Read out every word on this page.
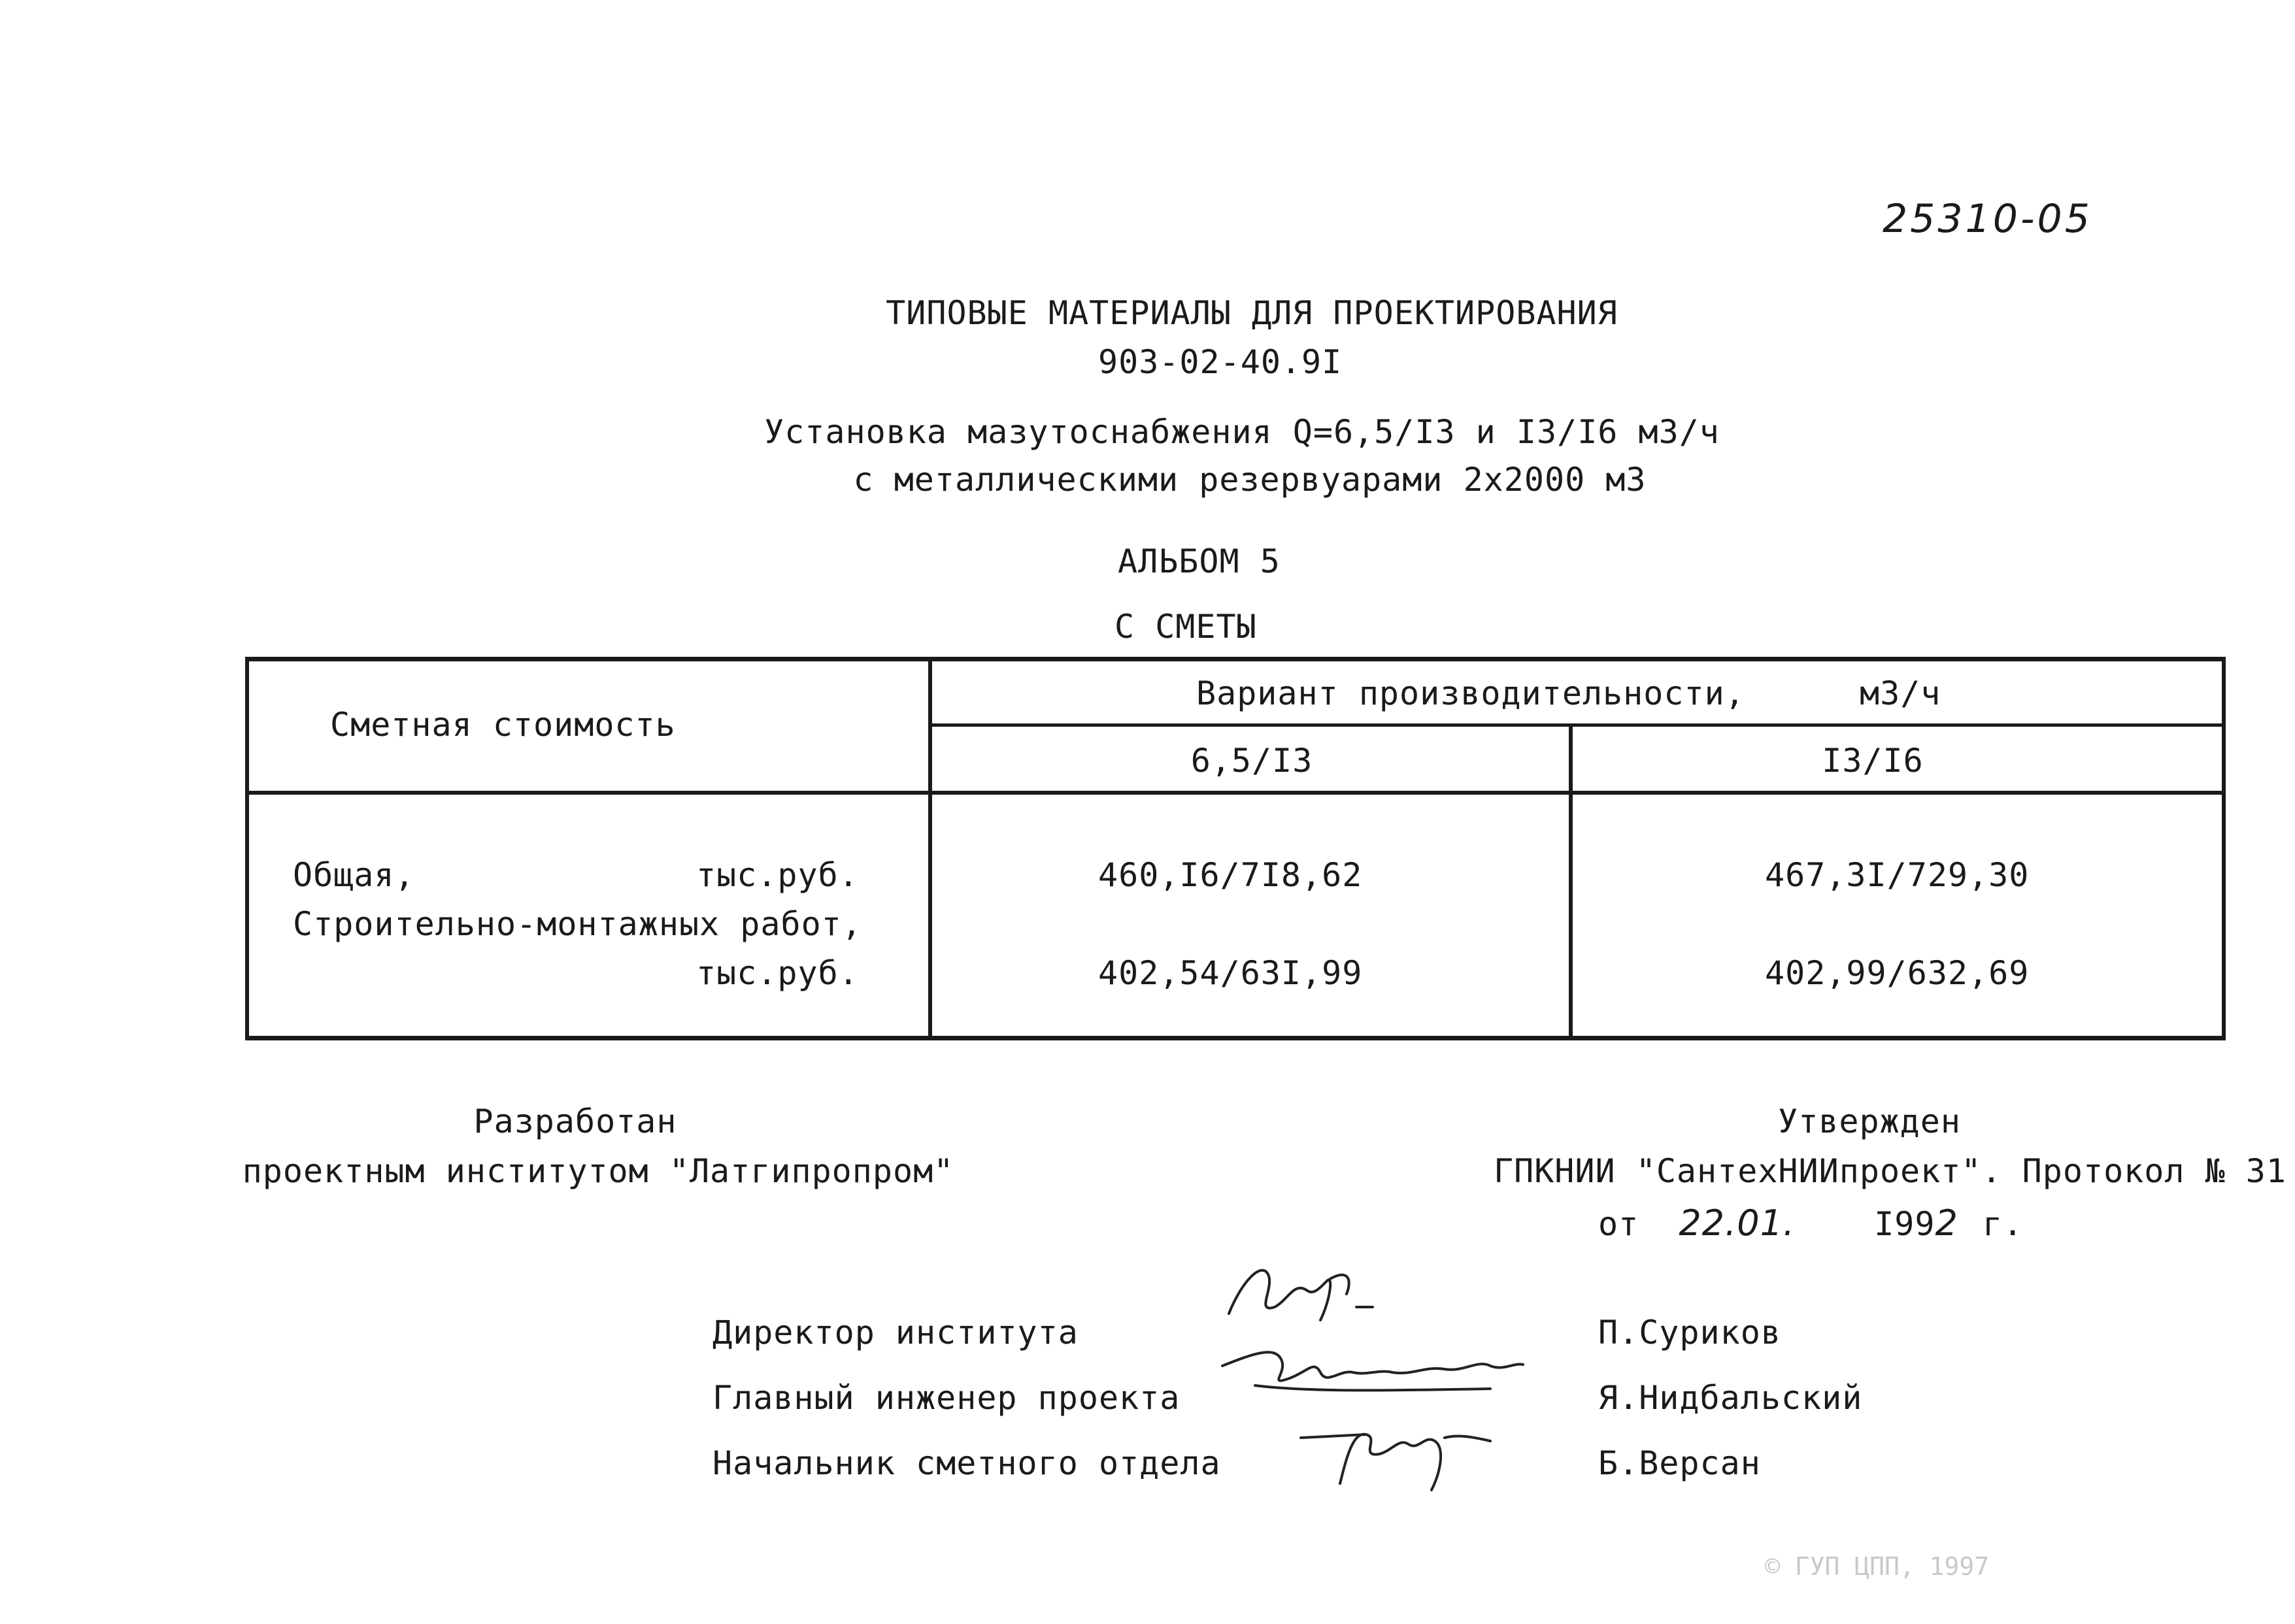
25310-05
ТИПОВЫЕ МАТЕРИАЛЫ ДЛЯ ПРОЕКТИРОВАНИЯ
903-02-40.9I
Установка мазутоснабжения Q=6,5/I3 и I3/I6 м3/ч
с металлическими резервуарами 2х2000 м3
АЛЬБОМ 5
С СМЕТЫ
Сметная стоимость
Вариант производительности,	м3/ч
6,5/I3	I3/I6
Общая,	тыс.руб.	460,I6/7I8,62	467,3I/729,30
Строительно-монтажных работ,
тыс.руб.	402,54/63I,99	402,99/632,69
Разработан
проектным институтом "Латгипропром"
Утвержден
ГПКНИИ "СантехНИИпроект". Протокол № 31
от 22.01. I992 г.
Директор института	П.Суриков
Главный инженер проекта	Я.Нидбальский
Начальник сметного отдела	Б.Версан
© ГУП ЦПП, 1997
